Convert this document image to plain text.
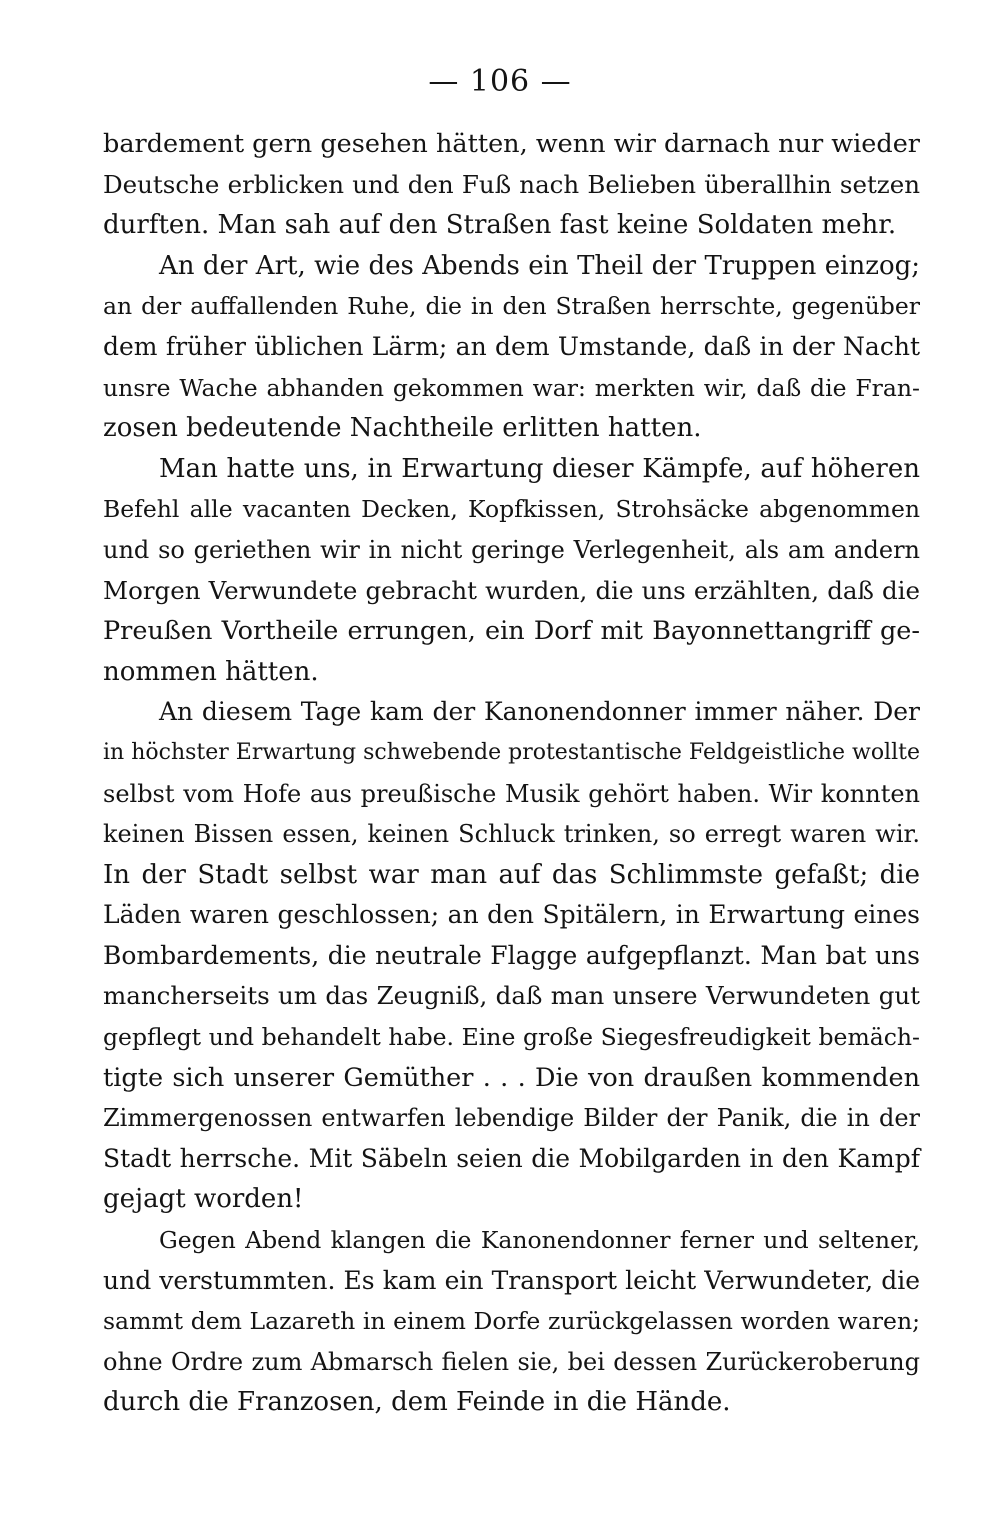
— 106 —
bardement gern gesehen hätten, wenn wir darnach nur wieder
Deutsche erblicken und den Fuß nach Belieben überallhin setzen
durften. Man sah auf den Straßen fast keine Soldaten mehr.
An der Art, wie des Abends ein Theil der Truppen einzog;
an der auffallenden Ruhe, die in den Straßen herrschte, gegenüber
dem früher üblichen Lärm; an dem Umstande, daß in der Nacht
unsre Wache abhanden gekommen war: merkten wir, daß die Fran-
zosen bedeutende Nachtheile erlitten hatten.
Man hatte uns, in Erwartung dieser Kämpfe, auf höheren
Befehl alle vacanten Decken, Kopfkissen, Strohsäcke abgenommen
und so geriethen wir in nicht geringe Verlegenheit, als am andern
Morgen Verwundete gebracht wurden, die uns erzählten, daß die
Preußen Vortheile errungen, ein Dorf mit Bayonnettangriff ge-
nommen hätten.
An diesem Tage kam der Kanonendonner immer näher. Der
in höchster Erwartung schwebende protestantische Feldgeistliche wollte
selbst vom Hofe aus preußische Musik gehört haben. Wir konnten
keinen Bissen essen, keinen Schluck trinken, so erregt waren wir.
In der Stadt selbst war man auf das Schlimmste gefaßt; die
Läden waren geschlossen; an den Spitälern, in Erwartung eines
Bombardements, die neutrale Flagge aufgepflanzt. Man bat uns
mancherseits um das Zeugniß, daß man unsere Verwundeten gut
gepflegt und behandelt habe. Eine große Siegesfreudigkeit bemäch-
tigte sich unserer Gemüther . . . Die von draußen kommenden
Zimmergenossen entwarfen lebendige Bilder der Panik, die in der
Stadt herrsche. Mit Säbeln seien die Mobilgarden in den Kampf
gejagt worden!
Gegen Abend klangen die Kanonendonner ferner und seltener,
und verstummten. Es kam ein Transport leicht Verwundeter, die
sammt dem Lazareth in einem Dorfe zurückgelassen worden waren;
ohne Ordre zum Abmarsch fielen sie, bei dessen Zurückeroberung
durch die Franzosen, dem Feinde in die Hände.
